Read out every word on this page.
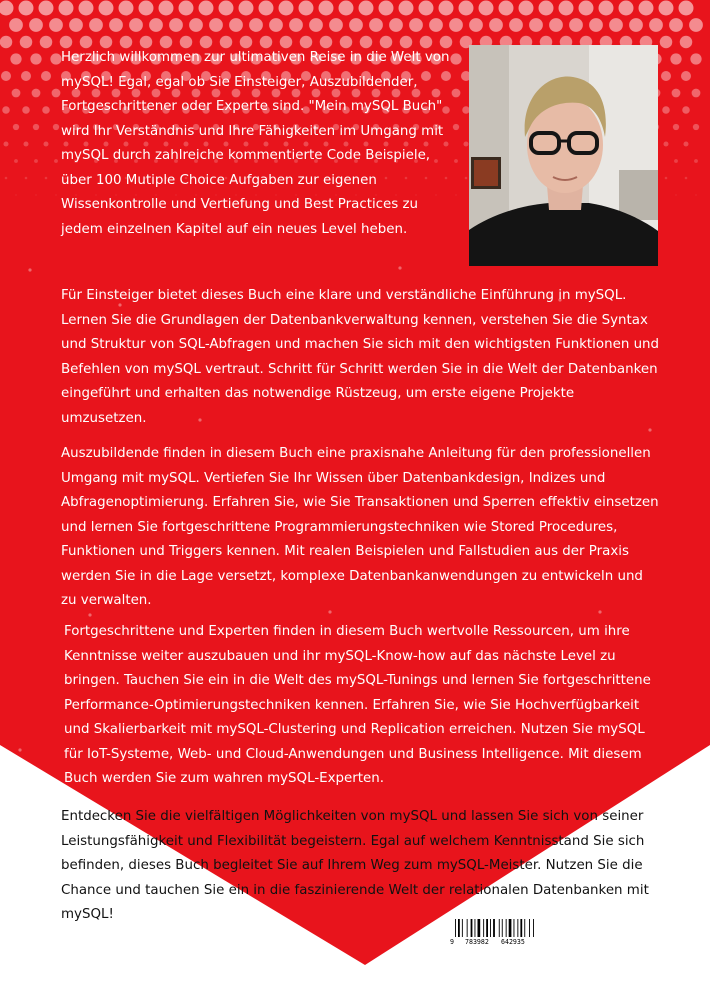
Herzlich willkommen zur ultimativen Reise in die Welt von mySQL! Egal, egal ob Sie Einsteiger, Auszubildender, Fortgeschrittener oder Experte sind. "Mein mySQL Buch" wird Ihr Verständnis und Ihre Fähigkeiten im Umgang mit mySQL durch zahlreiche kommentierte Code Beispiele, über 100 Mutiple Choice Aufgaben zur eigenen Wissenkontrolle und Vertiefung und Best Practices zu jedem einzelnen Kapitel auf ein neues Level heben.

Für Einsteiger bietet dieses Buch eine klare und verständliche Einführung in mySQL. Lernen Sie die Grundlagen der Datenbankverwaltung kennen, verstehen Sie die Syntax und Struktur von SQL-Abfragen und machen Sie sich mit den wichtigsten Funktionen und Befehlen von mySQL vertraut. Schritt für Schritt werden Sie in die Welt der Datenbanken eingeführt und erhalten das notwendige Rüstzeug, um erste eigene Projekte umzusetzen.

Auszubildende finden in diesem Buch eine praxisnahe Anleitung für den professionellen Umgang mit mySQL. Vertiefen Sie Ihr Wissen über Datenbankdesign, Indizes und Abfragenoptimierung. Erfahren Sie, wie Sie Transaktionen und Sperren effektiv einsetzen und lernen Sie fortgeschrittene Programmierungstechniken wie Stored Procedures, Funktionen und Triggers kennen. Mit realen Beispielen und Fallstudien aus der Praxis werden Sie in die Lage versetzt, komplexe Datenbankanwendungen zu entwickeln und zu verwalten.

Fortgeschrittene und Experten finden in diesem Buch wertvolle Ressourcen, um ihre Kenntnisse weiter auszubauen und ihr mySQL-Know-how auf das nächste Level zu bringen. Tauchen Sie ein in die Welt des mySQL-Tunings und lernen Sie fortgeschrittene Performance-Optimierungstechniken kennen. Erfahren Sie, wie Sie Hochverfügbarkeit und Skalierbarkeit mit mySQL-Clustering und Replication erreichen. Nutzen Sie mySQL für IoT-Systeme, Web- und Cloud-Anwendungen und Business Intelligence. Mit diesem Buch werden Sie zum wahren mySQL-Experten.

Entdecken Sie die vielfältigen Möglichkeiten von mySQL und lassen Sie sich von seiner Leistungsfähigkeit und Flexibilität begeistern. Egal auf welchem Kenntnisstand Sie sich befinden, dieses Buch begleitet Sie auf Ihrem Weg zum mySQL-Meister. Nutzen Sie die Chance und tauchen Sie ein in die faszinierende Welt der relationalen Datenbanken mit mySQL!

9 783982 642935
